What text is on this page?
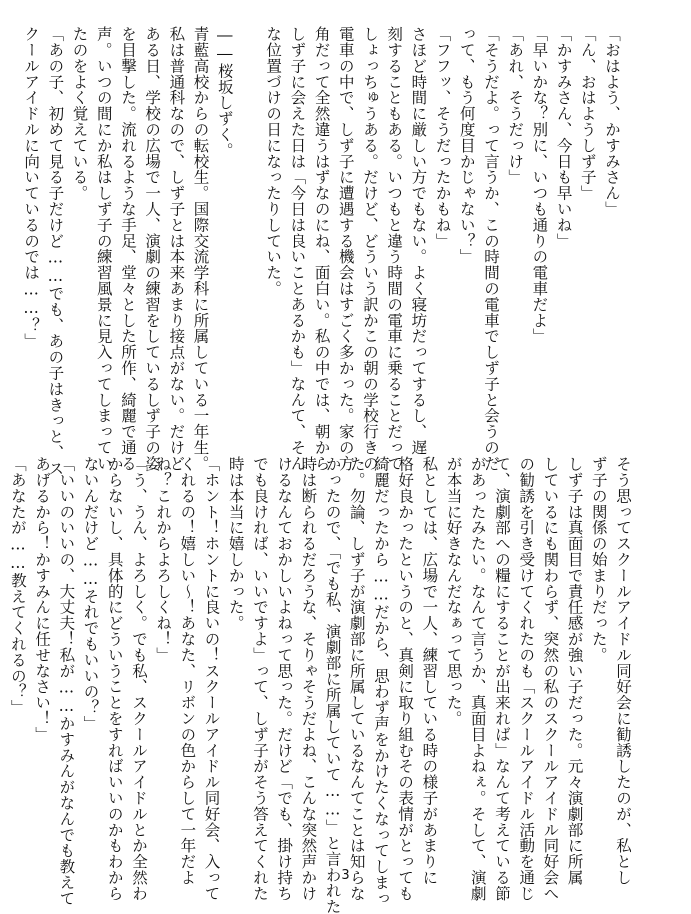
「おはよう、かすみさん」
「ん、おはようしず子」
「かすみさん、今日も早いね」
「早いかな？別に、いつも通りの電車だよ」
「あれ、そうだっけ」
「そうだよ。って言うか、この時間の電車でしず子と会うのだ
って、もう何度目かじゃない？」
「フフッ、そうだったかもね」
さほど時間に厳しい方でもない。よく寝坊だってするし、遅
刻することもある。いつもと違う時間の電車に乗ることだって
しょっちゅうある。だけど、どういう訳かこの朝の学校行きの
電車の中で、しず子に遭遇する機会はすごく多かった。家の方
角だって全然違うはずなのにね、面白い。私の中では、朝から
しず子に会えた日は「今日は良いことあるかも」なんて、そん
な位置づけの日になったりしていた。

――桜坂しずく。
青藍高校からの転校生。国際交流学科に所属している一年生。
私は普通科なので、しず子とは本来あまり接点がない。だけど
ある日、学校の広場で一人、演劇の練習をしているしず子の姿
を目撃した。流れるような手足、堂々とした所作、綺麗で通る
声。いつの間にか私はしず子の練習風景に見入ってしまってい
たのをよく覚えている。
「あの子、初めて見る子だけど……でも、あの子はきっと、ス
クールアイドルに向いているのでは……？」
そう思ってスクールアイドル同好会に勧誘したのが、私とし
ず子の関係の始まりだった。
しず子は真面目で責任感が強い子だった。元々演劇部に所属
しているにも関わらず、突然の私のスクールアイドル同好会へ
の勧誘を引き受けてくれたのも「スクールアイドル活動を通じ
て、演劇部への糧にすることが出来れば」なんて考えている節
があったみたい。なんて言うか、真面目よねぇ。そして、演劇
が本当に好きなんだなぁって思った。
私としては、広場で一人、練習している時の様子があまりに
格好良かったというのと、真剣に取り組むその表情がとっても
綺麗だったから……だから、思わず声をかけたくなってしまっ
た。勿論、しず子が演劇部に所属しているなんてことは知らな
かったので、「でも私、演劇部に所属していて……」と言われた
時は断られるだろうな、そりゃそうだよね、こんな突然声かけ
けるなんておかしいよねって思った。だけど「でも、掛け持ち
でも良ければ、いいですよ」って、しず子がそう答えてくれた
時は本当に嬉しかった。
「ホント！ホントに良いの！スクールアイドル同好会、入って
くれるの！嬉しい～！あなた、リボンの色からして一年だよ
ね？これからよろしくね！」
「う、うん、よろしく。でも私、スクールアイドルとか全然わ
からないし、具体的にどういうことをすればいいのかもわから
ないんだけど……それでもいいの？」
「いいのいいの、大丈夫！私が……かすみんがなんでも教えて
あげるから！かすみんに任せなさい！」
「あなたが……教えてくれるの？」
3
